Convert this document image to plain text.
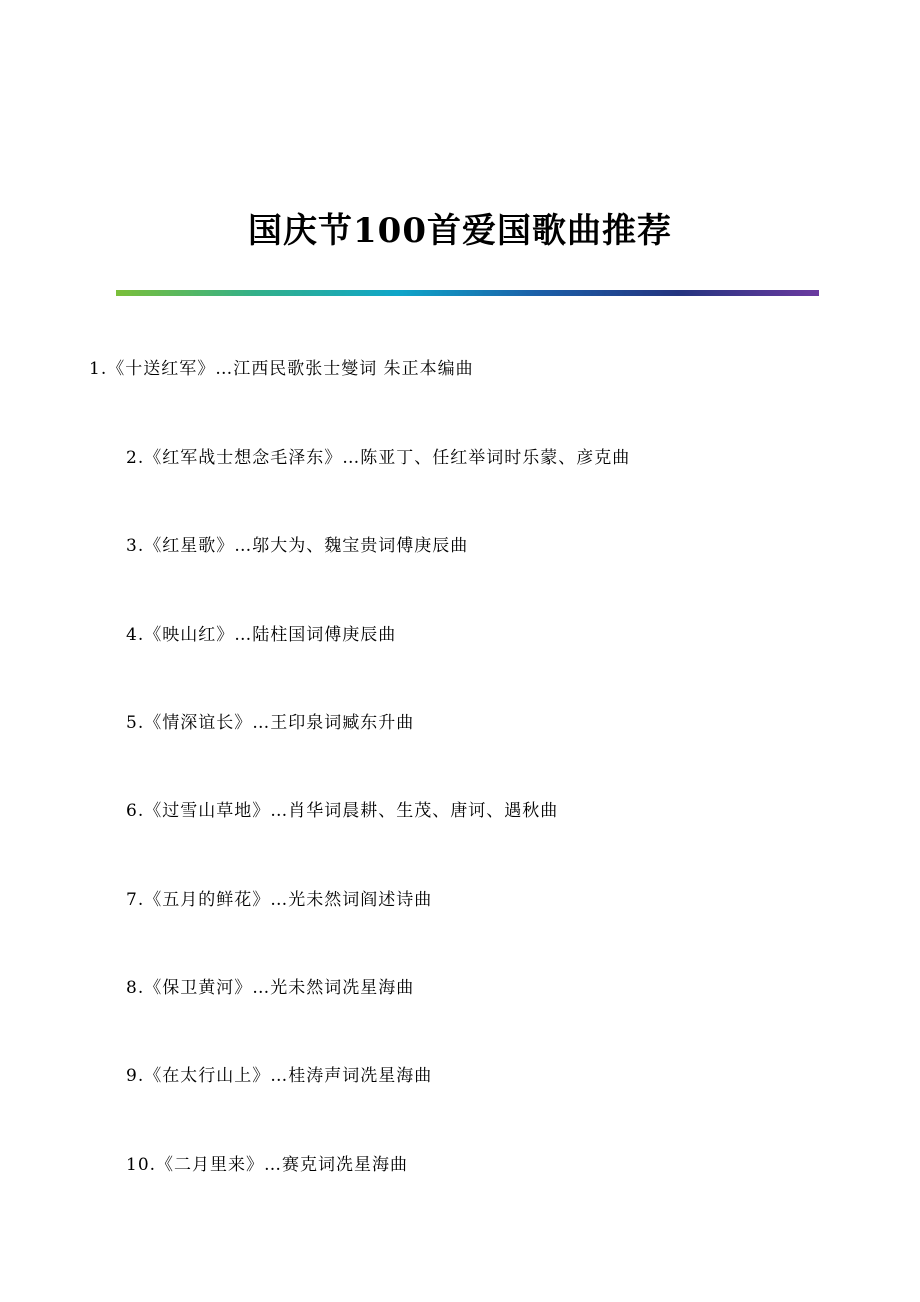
国庆节100首爱国歌曲推荐
1.《十送红军》…江西民歌张士燮词 朱正本编曲
2.《红军战士想念毛泽东》…陈亚丁、任红举词时乐蒙、彦克曲
3.《红星歌》…邬大为、魏宝贵词傅庚辰曲
4.《映山红》…陆柱国词傅庚辰曲
5.《情深谊长》…王印泉词臧东升曲
6.《过雪山草地》…肖华词晨耕、生茂、唐诃、遇秋曲
7.《五月的鲜花》…光未然词阎述诗曲
8.《保卫黄河》…光未然词冼星海曲
9.《在太行山上》…桂涛声词冼星海曲
10.《二月里来》…赛克词冼星海曲
